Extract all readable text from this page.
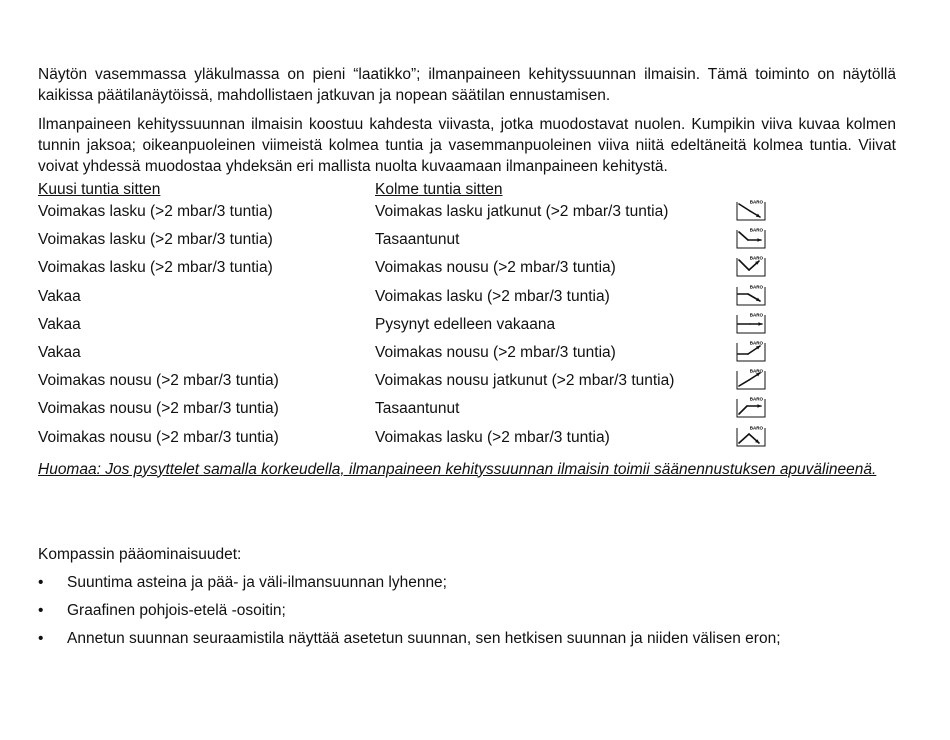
Näytön vasemmassa yläkulmassa on pieni “laatikko”; ilmanpaineen kehityssuunnan ilmaisin. Tämä toiminto on näytöllä kaikissa päätilanäytöissä, mahdollistaen jatkuvan ja nopean säätilan ennustamisen.

Ilmanpaineen kehityssuunnan ilmaisin koostuu kahdesta viivasta, jotka muodostavat nuolen. Kumpikin viiva kuvaa kolmen tunnin jaksoa; oikeanpuoleinen viimeistä kolmea tuntia ja vasemmanpuoleinen viiva niitä edeltäneitä kolmea tuntia. Viivat voivat yhdessä muodostaa yhdeksän eri mallista nuolta kuvaamaan ilmanpaineen kehitystä.

Kuusi tuntia sitten	Kolme tuntia sitten
Voimakas lasku (>2 mbar/3 tuntia)	Voimakas lasku jatkunut (>2 mbar/3 tuntia)
BARO
Voimakas lasku (>2 mbar/3 tuntia)	Tasaantunut
BARO
Voimakas lasku (>2 mbar/3 tuntia)	Voimakas nousu (>2 mbar/3 tuntia)
BARO
Vakaa	Voimakas lasku (>2 mbar/3 tuntia)
BARO
Vakaa	Pysynyt edelleen vakaana
BARO
Vakaa	Voimakas nousu (>2 mbar/3 tuntia)
BARO
Voimakas nousu (>2 mbar/3 tuntia)	Voimakas nousu jatkunut (>2 mbar/3 tuntia)
BARO
Voimakas nousu (>2 mbar/3 tuntia)	Tasaantunut
BARO
Voimakas nousu (>2 mbar/3 tuntia)	Voimakas lasku (>2 mbar/3 tuntia)
BARO

Huomaa: Jos pysyttelet samalla korkeudella, ilmanpaineen kehityssuunnan ilmaisin toimii säänennustuksen apuvälineenä.

Kompassin pääominaisuudet:
• Suuntima asteina ja pää- ja väli-ilmansuunnan lyhenne;
• Graafinen pohjois-etelä -osoitin;
• Annetun suunnan seuraamistila näyttää asetetun suunnan, sen hetkisen suunnan ja niiden välisen eron;
